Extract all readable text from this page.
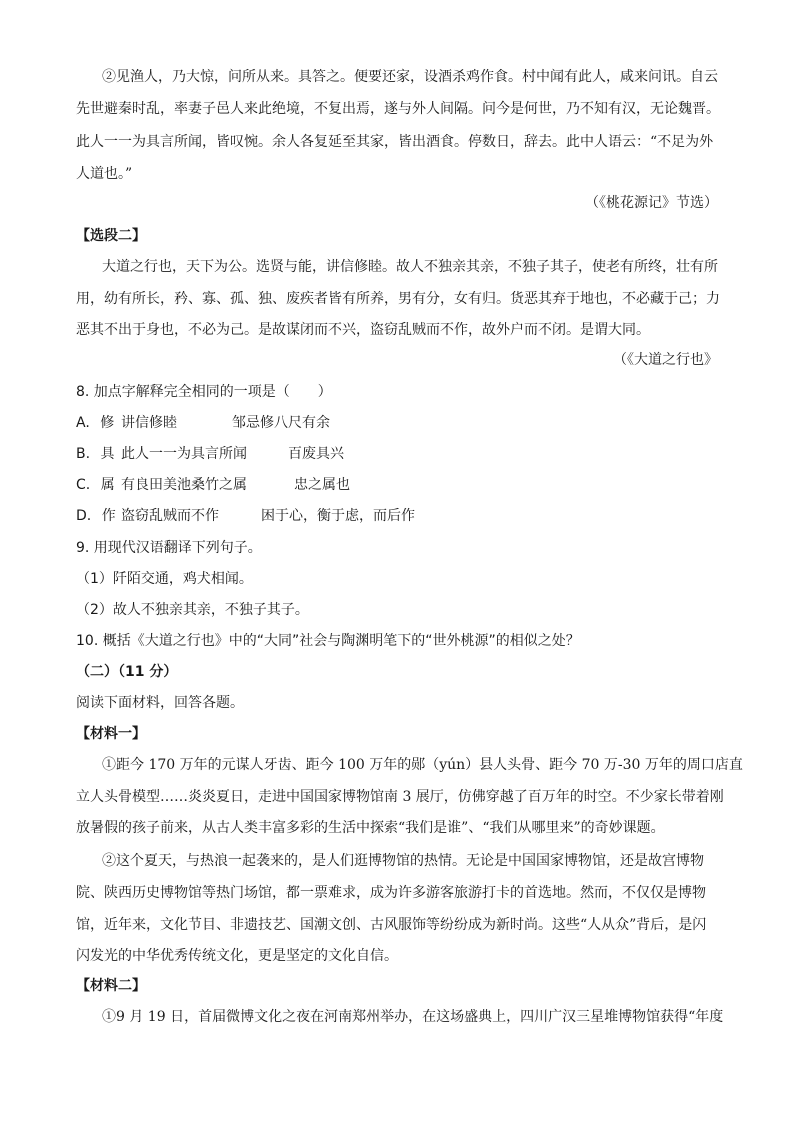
②见渔人，乃大惊，问所从来。具答之。便要还家，设酒杀鸡作食。村中闻有此人，咸来问讯。自云
先世避秦时乱，率妻子邑人来此绝境，不复出焉，遂与外人间隔。问今是何世，乃不知有汉，无论魏晋。
此人一一为具言所闻，皆叹惋。余人各复延至其家，皆出酒食。停数日，辞去。此中人语云：“不足为外
人道也。”
（《桃花源记》节选）
【选段二】
大道之行也，天下为公。选贤与能，讲信修睦。故人不独亲其亲，不独子其子，使老有所终，壮有所
用，幼有所长，矜、寡、孤、独、废疾者皆有所养，男有分，女有归。货恶其弃于地也，不必藏于己；力
恶其不出于身也，不必为己。是故谋闭而不兴，盗窃乱贼而不作，故外户而不闭。是谓大同。
（《大道之行也》
8. 加点字解释完全相同的一项是（　　）
A. 修 讲信修睦	邹忌修八尺有余
B. 具 此人一一为具言所闻	百废具兴
C. 属 有良田美池桑竹之属	忠之属也
D. 作 盗窃乱贼而不作	困于心，衡于虑，而后作
9. 用现代汉语翻译下列句子。
（1）阡陌交通，鸡犬相闻。
（2）故人不独亲其亲，不独子其子。
10. 概括《大道之行也》中的“大同”社会与陶渊明笔下的“世外桃源”的相似之处？
（二）（11 分）
阅读下面材料，回答各题。
【材料一】
①距今 170 万年的元谋人牙齿、距今 100 万年的郧（yún）县人头骨、距今 70 万-30 万年的周口店直
立人头骨模型……炎炎夏日，走进中国国家博物馆南 3 展厅，仿佛穿越了百万年的时空。不少家长带着刚
放暑假的孩子前来，从古人类丰富多彩的生活中探索“我们是谁”、“我们从哪里来”的奇妙课题。
②这个夏天，与热浪一起袭来的，是人们逛博物馆的热情。无论是中国国家博物馆，还是故宫博物
院、陕西历史博物馆等热门场馆，都一票难求，成为许多游客旅游打卡的首选地。然而，不仅仅是博物
馆，近年来，文化节目、非遗技艺、国潮文创、古风服饰等纷纷成为新时尚。这些“人从众”背后，是闪
闪发光的中华优秀传统文化，更是坚定的文化自信。
【材料二】
①9 月 19 日，首届微博文化之夜在河南郑州举办，在这场盛典上，四川广汉三星堆博物馆获得“年度
